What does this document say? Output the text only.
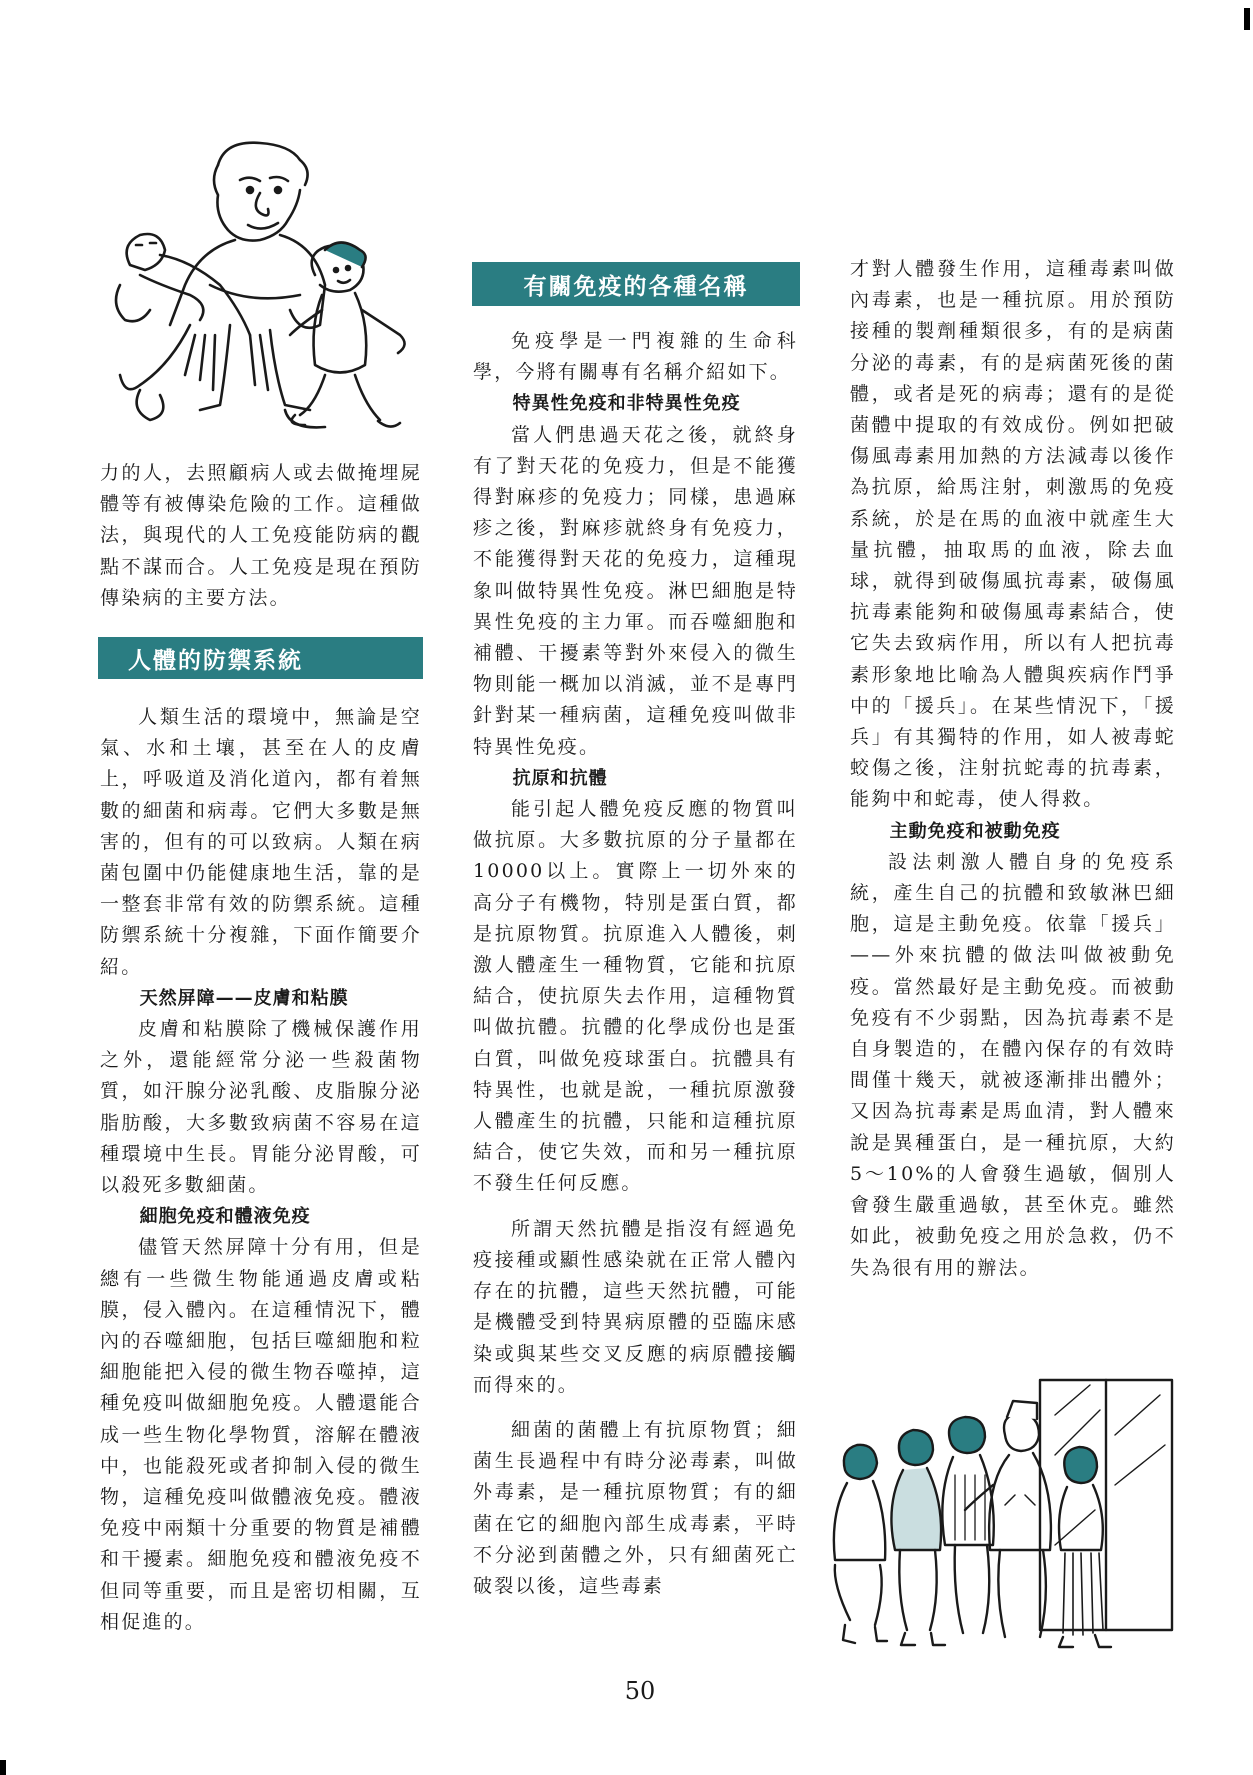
力的人，去照顧病人或去做掩埋屍體等有被傳染危險的工作。這種做法，與現代的人工免疫能防病的觀點不謀而合。人工免疫是現在預防傳染病的主要方法。

人體的防禦系統

人類生活的環境中，無論是空氣、水和土壤，甚至在人的皮膚上，呼吸道及消化道內，都有着無數的細菌和病毒。它們大多數是無害的，但有的可以致病。人類在病菌包圍中仍能健康地生活，靠的是一整套非常有效的防禦系統。這種防禦系統十分複雜，下面作簡要介紹。

天然屏障——皮膚和粘膜

皮膚和粘膜除了機械保護作用之外，還能經常分泌一些殺菌物質，如汗腺分泌乳酸、皮脂腺分泌脂肪酸，大多數致病菌不容易在這種環境中生長。胃能分泌胃酸，可以殺死多數細菌。

細胞免疫和體液免疫

儘管天然屏障十分有用，但是總有一些微生物能通過皮膚或粘膜，侵入體內。在這種情況下，體內的吞噬細胞，包括巨噬細胞和粒細胞能把入侵的微生物吞噬掉，這種免疫叫做細胞免疫。人體還能合成一些生物化學物質，溶解在體液中，也能殺死或者抑制入侵的微生物，這種免疫叫做體液免疫。體液免疫中兩類十分重要的物質是補體和干擾素。細胞免疫和體液免疫不但同等重要，而且是密切相關，互相促進的。

有關免疫的各種名稱

免疫學是一門複雜的生命科學，今將有關專有名稱介紹如下。

特異性免疫和非特異性免疫

當人們患過天花之後，就終身有了對天花的免疫力，但是不能獲得對麻疹的免疫力；同樣，患過麻疹之後，對麻疹就終身有免疫力，不能獲得對天花的免疫力，這種現象叫做特異性免疫。淋巴細胞是特異性免疫的主力軍。而吞噬細胞和補體、干擾素等對外來侵入的微生物則能一概加以消滅，並不是專門針對某一種病菌，這種免疫叫做非特異性免疫。

抗原和抗體

能引起人體免疫反應的物質叫做抗原。大多數抗原的分子量都在10000以上。實際上一切外來的高分子有機物，特別是蛋白質，都是抗原物質。抗原進入人體後，刺激人體產生一種物質，它能和抗原結合，使抗原失去作用，這種物質叫做抗體。抗體的化學成份也是蛋白質，叫做免疫球蛋白。抗體具有特異性，也就是說，一種抗原激發人體產生的抗體，只能和這種抗原結合，使它失效，而和另一種抗原不發生任何反應。

所謂天然抗體是指沒有經過免疫接種或顯性感染就在正常人體內存在的抗體，這些天然抗體，可能是機體受到特異病原體的亞臨床感染或與某些交叉反應的病原體接觸而得來的。

細菌的菌體上有抗原物質；細菌生長過程中有時分泌毒素，叫做外毒素，是一種抗原物質；有的細菌在它的細胞內部生成毒素，平時不分泌到菌體之外，只有細菌死亡破裂以後，這些毒素

才對人體發生作用，這種毒素叫做內毒素，也是一種抗原。用於預防接種的製劑種類很多，有的是病菌分泌的毒素，有的是病菌死後的菌體，或者是死的病毒；還有的是從菌體中提取的有效成份。例如把破傷風毒素用加熱的方法減毒以後作為抗原，給馬注射，刺激馬的免疫系統，於是在馬的血液中就產生大量抗體，抽取馬的血液，除去血球，就得到破傷風抗毒素，破傷風抗毒素能夠和破傷風毒素結合，使它失去致病作用，所以有人把抗毒素形象地比喻為人體與疾病作鬥爭中的「援兵」。在某些情況下，「援兵」有其獨特的作用，如人被毒蛇蛟傷之後，注射抗蛇毒的抗毒素，能夠中和蛇毒，使人得救。

主動免疫和被動免疫

設法刺激人體自身的免疫系統，產生自己的抗體和致敏淋巴細胞，這是主動免疫。依靠「援兵」——外來抗體的做法叫做被動免疫。當然最好是主動免疫。而被動免疫有不少弱點，因為抗毒素不是自身製造的，在體內保存的有效時間僅十幾天，就被逐漸排出體外；又因為抗毒素是馬血清，對人體來說是異種蛋白，是一種抗原，大約5～10%的人會發生過敏，個別人會發生嚴重過敏，甚至休克。雖然如此，被動免疫之用於急救，仍不失為很有用的辦法。

50
